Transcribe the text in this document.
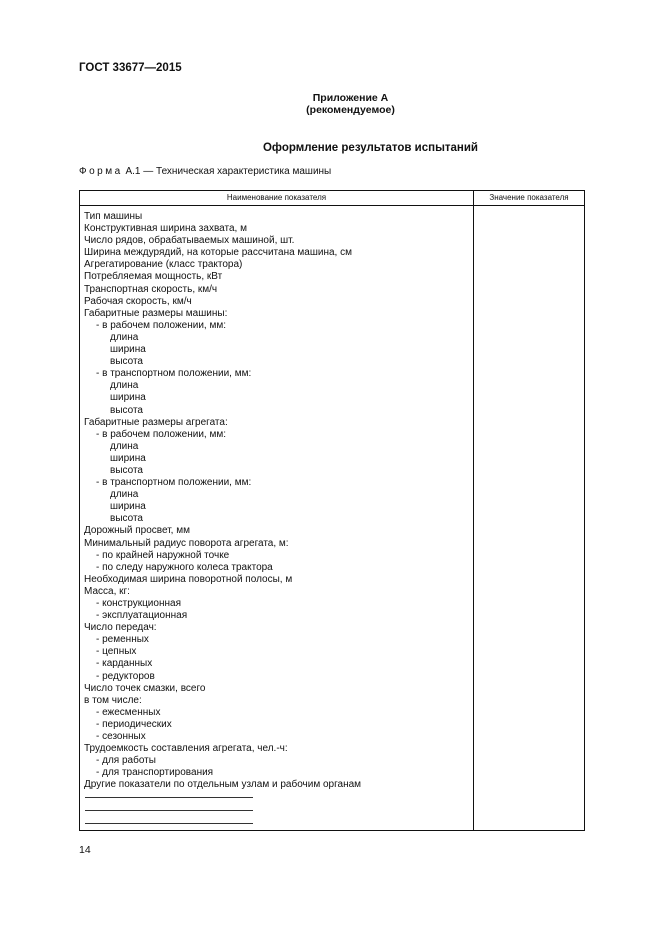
ГОСТ 33677—2015
Приложение А
(рекомендуемое)
Оформление результатов испытаний
Форма А.1 — Техническая характеристика машины
Наименование показателя	Значение показателя
Тип машины
Конструктивная ширина захвата, м
Число рядов, обрабатываемых машиной, шт.
Ширина междурядий, на которые рассчитана машина, см
Агрегатирование (класс трактора)
Потребляемая мощность, кВт
Транспортная скорость, км/ч
Рабочая скорость, км/ч
Габаритные размеры машины:
- в рабочем положении, мм:
длина
ширина
высота
- в транспортном положении, мм:
длина
ширина
высота
Габаритные размеры агрегата:
- в рабочем положении, мм:
длина
ширина
высота
- в транспортном положении, мм:
длина
ширина
высота
Дорожный просвет, мм
Минимальный радиус поворота агрегата, м:
- по крайней наружной точке
- по следу наружного колеса трактора
Необходимая ширина поворотной полосы, м
Масса, кг:
- конструкционная
- эксплуатационная
Число передач:
- ременных
- цепных
- карданных
- редукторов
Число точек смазки, всего
в том числе:
- ежесменных
- периодических
- сезонных
Трудоемкость составления агрегата, чел.-ч:
- для работы
- для транспортирования
Другие показатели по отдельным узлам и рабочим органам
14
